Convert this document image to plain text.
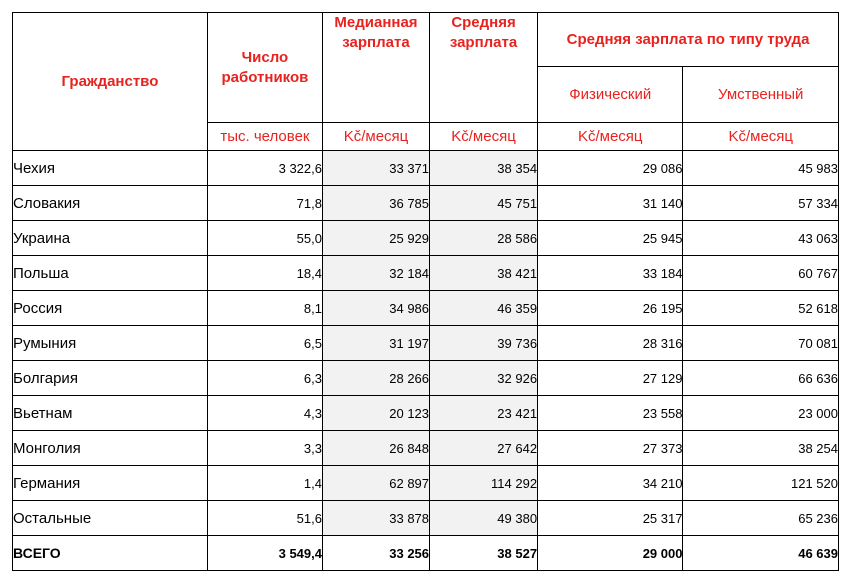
Гражданство	Число работников	Медианная зарплата	Средняя зарплата	Средняя зарплата по типу труда	
				Физический	Умственный
	тыс. человек	Kč/месяц	Kč/месяц	Kč/месяц	Kč/месяц
Чехия	3 322,6	33 371	38 354	29 086	45 983
Словакия	71,8	36 785	45 751	31 140	57 334
Украина	55,0	25 929	28 586	25 945	43 063
Польша	18,4	32 184	38 421	33 184	60 767
Россия	8,1	34 986	46 359	26 195	52 618
Румыния	6,5	31 197	39 736	28 316	70 081
Болгария	6,3	28 266	32 926	27 129	66 636
Вьетнам	4,3	20 123	23 421	23 558	23 000
Монголия	3,3	26 848	27 642	27 373	38 254
Германия	1,4	62 897	114 292	34 210	121 520
Остальные	51,6	33 878	49 380	25 317	65 236
ВСЕГО	3 549,4	33 256	38 527	29 000	46 639
